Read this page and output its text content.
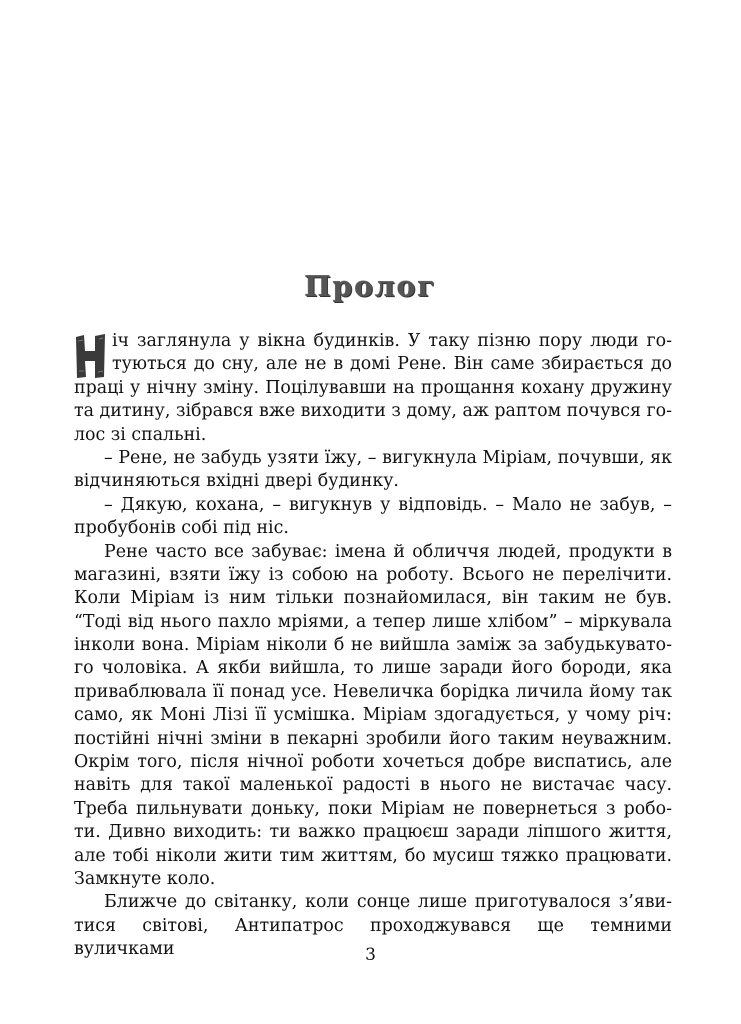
Пролог
іч заглянула у вікна будинків. У таку пізню пору люди го-
туються до сну, але не в домі Рене. Він саме збирається до
праці у нічну зміну. Поцілувавши на прощання кохану дружину
та дитину, зібрався вже виходити з дому, аж раптом почувся го-
лос зі спальні.
– Рене, не забудь узяти їжу, – вигукнула Міріам, почувши, як
відчиняються вхідні двері будинку.
– Дякую, кохана, – вигукнув у відповідь. – Мало не забув, –
пробубонів собі під ніс.
Рене часто все забуває: імена й обличчя людей, продукти в
магазині, взяти їжу із собою на роботу. Всього не перелічити.
Коли Міріам із ним тільки познайомилася, він таким не був.
“Тоді від нього пахло мріями, а тепер лише хлібом” – міркувала
інколи вона. Міріам ніколи б не вийшла заміж за забудькувато-
го чоловіка. А якби вийшла, то лише заради його бороди, яка
приваблювала її понад усе. Невеличка борідка личила йому так
само, як Моні Лізі її усмішка. Міріам здогадується, у чому річ:
постійні нічні зміни в пекарні зробили його таким неуважним.
Окрім того, після нічної роботи хочеться добре виспатись, але
навіть для такої маленької радості в нього не вистачає часу.
Треба пильнувати доньку, поки Міріам не повернеться з робо-
ти. Дивно виходить: ти важко працюєш заради ліпшого життя,
але тобі ніколи жити тим життям, бо мусиш тяжко працювати.
Замкнуте коло.
Ближче до світанку, коли сонце лише приготувалося з’яви-
тися світові, Антипатрос проходжувався ще темними вуличками	3
